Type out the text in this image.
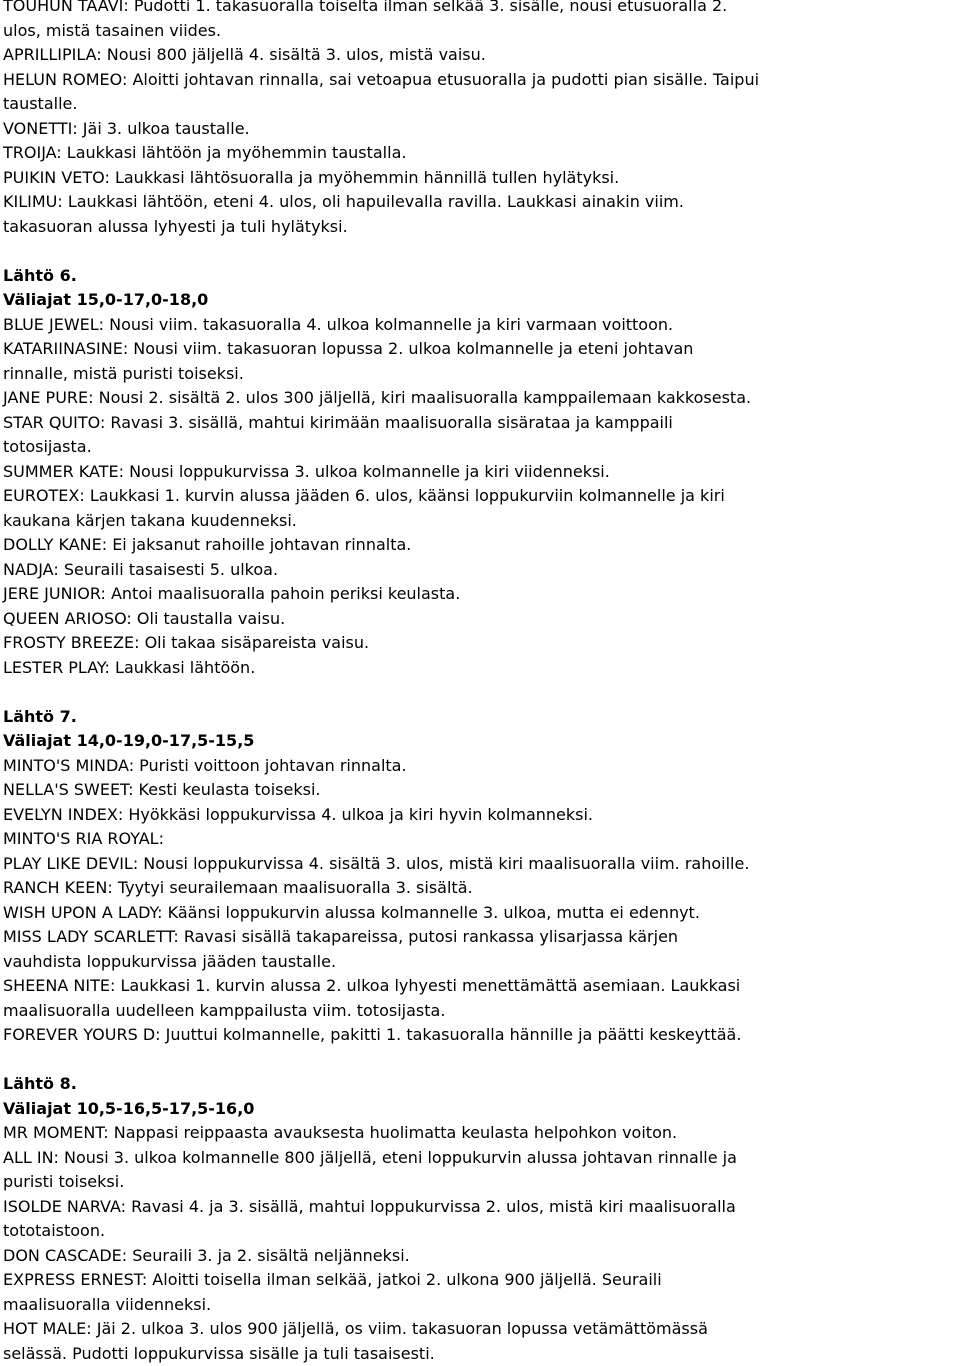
TOUHUN TAAVI: Pudotti 1. takasuoralla toiselta ilman selkää 3. sisälle, nousi etusuoralla 2.
ulos, mistä tasainen viides.
APRILLIPILA: Nousi 800 jäljellä 4. sisältä 3. ulos, mistä vaisu.
HELUN ROMEO: Aloitti johtavan rinnalla, sai vetoapua etusuoralla ja pudotti pian sisälle. Taipui
taustalle.
VONETTI: Jäi 3. ulkoa taustalle.
TROIJA: Laukkasi lähtöön ja myöhemmin taustalla.
PUIKIN VETO: Laukkasi lähtösuoralla ja myöhemmin hännillä tullen hylätyksi.
KILIMU: Laukkasi lähtöön, eteni 4. ulos, oli hapuilevalla ravilla. Laukkasi ainakin viim.
takasuoran alussa lyhyesti ja tuli hylätyksi.
Lähtö 6.
Väliajat 15,0-17,0-18,0
BLUE JEWEL: Nousi viim. takasuoralla 4. ulkoa kolmannelle ja kiri varmaan voittoon.
KATARIINASINE: Nousi viim. takasuoran lopussa 2. ulkoa kolmannelle ja eteni johtavan
rinnalle, mistä puristi toiseksi.
JANE PURE: Nousi 2. sisältä 2. ulos 300 jäljellä, kiri maalisuoralla kamppailemaan kakkosesta.
STAR QUITO: Ravasi 3. sisällä, mahtui kirimään maalisuoralla sisärataa ja kamppaili
totosijasta.
SUMMER KATE: Nousi loppukurvissa 3. ulkoa kolmannelle ja kiri viidenneksi.
EUROTEX: Laukkasi 1. kurvin alussa jääden 6. ulos, käänsi loppukurviin kolmannelle ja kiri
kaukana kärjen takana kuudenneksi.
DOLLY KANE: Ei jaksanut rahoille johtavan rinnalta.
NADJA: Seuraili tasaisesti 5. ulkoa.
JERE JUNIOR: Antoi maalisuoralla pahoin periksi keulasta.
QUEEN ARIOSO: Oli taustalla vaisu.
FROSTY BREEZE: Oli takaa sisäpareista vaisu.
LESTER PLAY: Laukkasi lähtöön.
Lähtö 7.
Väliajat 14,0-19,0-17,5-15,5
MINTO'S MINDA: Puristi voittoon johtavan rinnalta.
NELLA'S SWEET: Kesti keulasta toiseksi.
EVELYN INDEX: Hyökkäsi loppukurvissa 4. ulkoa ja kiri hyvin kolmanneksi.
MINTO'S RIA ROYAL:
PLAY LIKE DEVIL: Nousi loppukurvissa 4. sisältä 3. ulos, mistä kiri maalisuoralla viim. rahoille.
RANCH KEEN: Tyytyi seurailemaan maalisuoralla 3. sisältä.
WISH UPON A LADY: Käänsi loppukurvin alussa kolmannelle 3. ulkoa, mutta ei edennyt.
MISS LADY SCARLETT: Ravasi sisällä takapareissa, putosi rankassa ylisarjassa kärjen
vauhdista loppukurvissa jääden taustalle.
SHEENA NITE: Laukkasi 1. kurvin alussa 2. ulkoa lyhyesti menettämättä asemiaan. Laukkasi
maalisuoralla uudelleen kamppailusta viim. totosijasta.
FOREVER YOURS D: Juuttui kolmannelle, pakitti 1. takasuoralla hännille ja päätti keskeyttää.
Lähtö 8.
Väliajat 10,5-16,5-17,5-16,0
MR MOMENT: Nappasi reippaasta avauksesta huolimatta keulasta helpohkon voiton.
ALL IN: Nousi 3. ulkoa kolmannelle 800 jäljellä, eteni loppukurvin alussa johtavan rinnalle ja
puristi toiseksi.
ISOLDE NARVA: Ravasi 4. ja 3. sisällä, mahtui loppukurvissa 2. ulos, mistä kiri maalisuoralla
tototaistoon.
DON CASCADE: Seuraili 3. ja 2. sisältä neljänneksi.
EXPRESS ERNEST: Aloitti toisella ilman selkää, jatkoi 2. ulkona 900 jäljellä. Seuraili
maalisuoralla viidenneksi.
HOT MALE: Jäi 2. ulkoa 3. ulos 900 jäljellä, os viim. takasuoran lopussa vetämättömässä
selässä. Pudotti loppukurvissa sisälle ja tuli tasaisesti.
